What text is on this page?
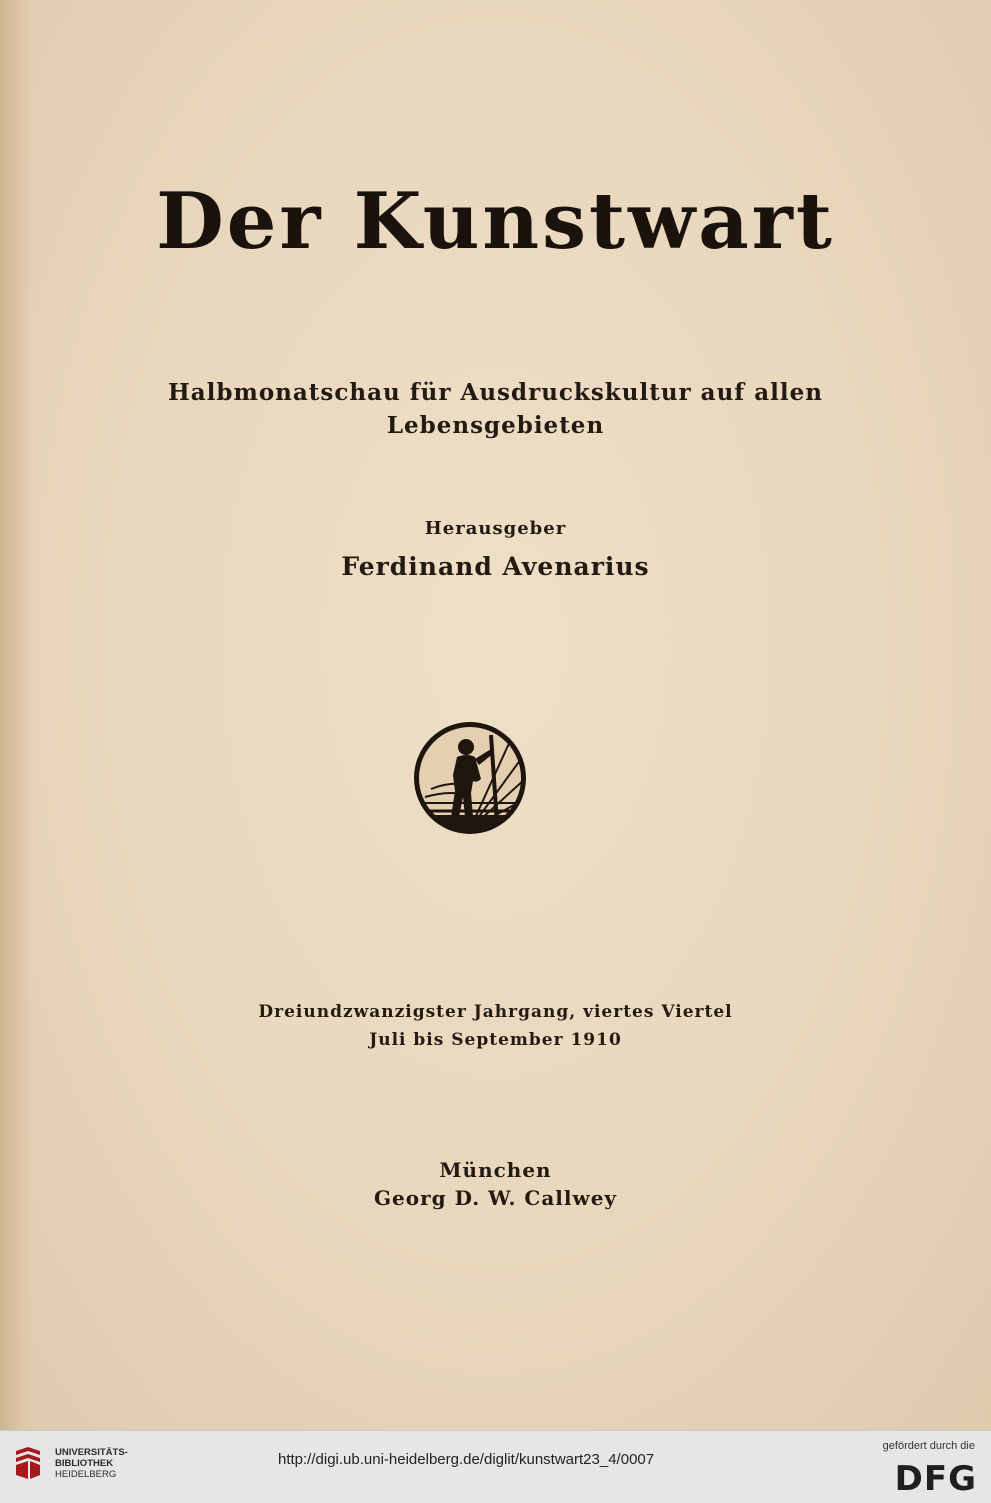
Der Kunstwart
Halbmonatschau für Ausdruckskultur auf allen
Lebensgebieten
Herausgeber
Ferdinand Avenarius
Dreiundzwanzigster Jahrgang, viertes Viertel
Juli bis September 1910
München
Georg D. W. Callwey
UNIVERSITÄTS-
BIBLIOTHEK
HEIDELBERG
http://digi.ub.uni-heidelberg.de/diglit/kunstwart23_4/0007
gefördert durch die
DFG
